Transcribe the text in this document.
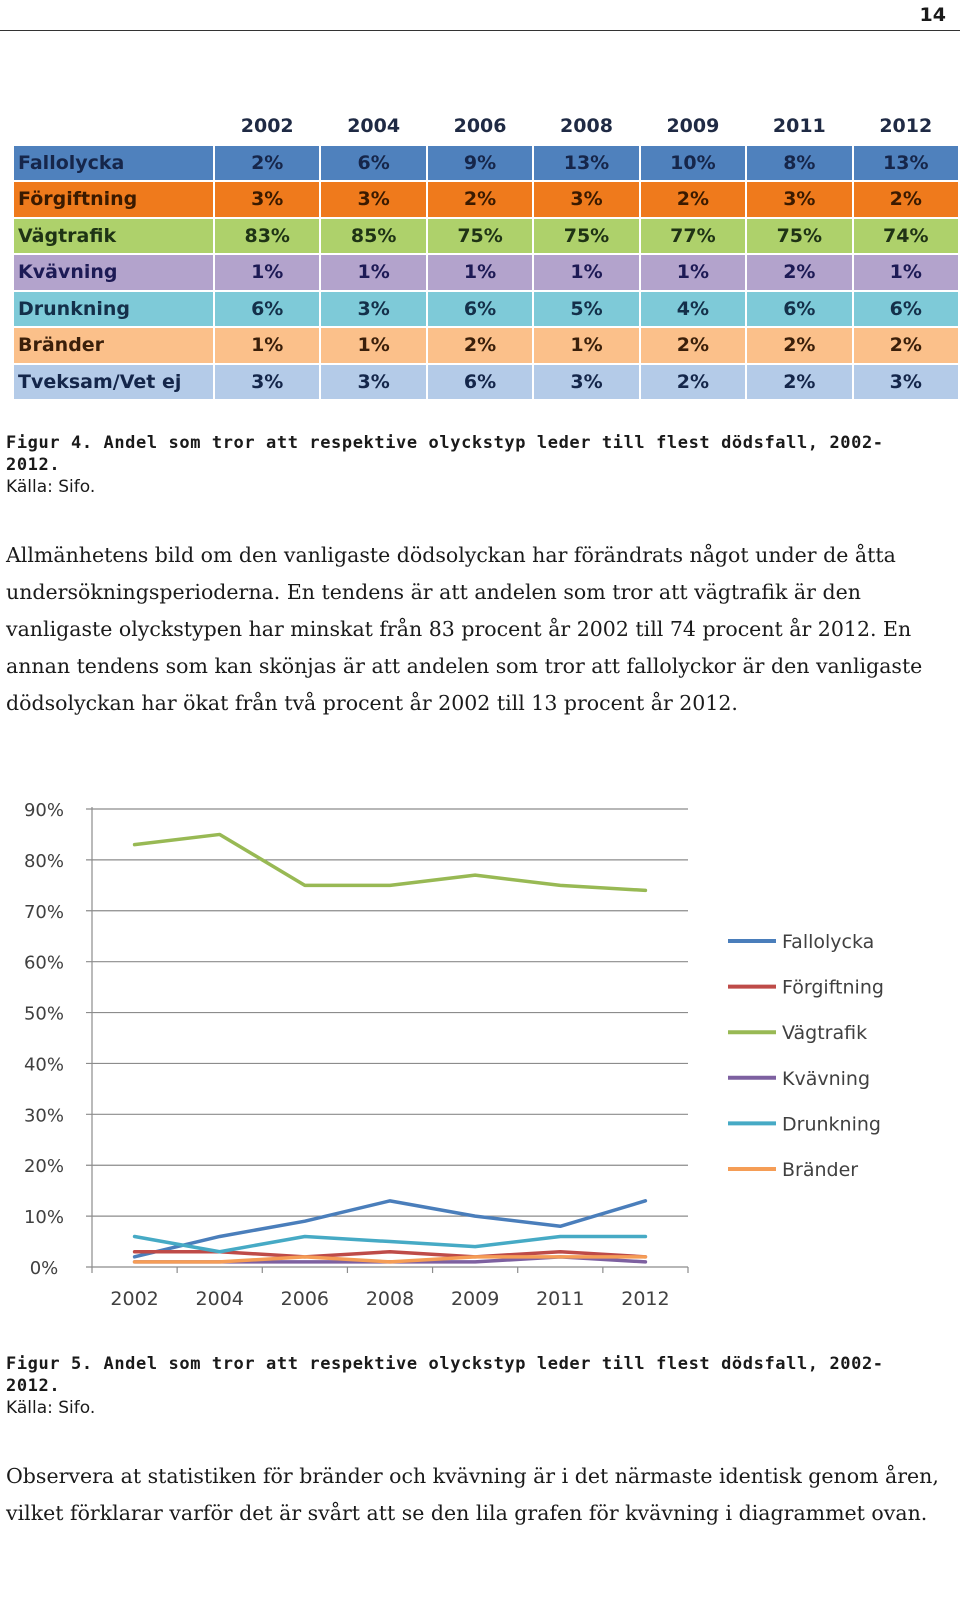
14
	2002	2004	2006	2008	2009	2011	2012
Fallolycka	2%	6%	9%	13%	10%	8%	13%
Förgiftning	3%	3%	2%	3%	2%	3%	2%
Vägtrafik	83%	85%	75%	75%	77%	75%	74%
Kvävning	1%	1%	1%	1%	1%	2%	1%
Drunkning	6%	3%	6%	5%	4%	6%	6%
Bränder	1%	1%	2%	1%	2%	2%	2%
Tveksam/Vet ej	3%	3%	6%	3%	2%	2%	3%
Figur 4. Andel som tror att respektive olyckstyp leder till flest dödsfall, 2002-
2012.
Källa: Sifo.

Allmänhetens bild om den vanligaste dödsolyckan har förändrats något under de åtta undersökningsperioderna. En tendens är att andelen som tror att vägtrafik är den vanligaste olyckstypen har minskat från 83 procent år 2002 till 74 procent år 2012. En annan tendens som kan skönjas är att andelen som tror att fallolyckor är den vanligaste dödsolyckan har ökat från två procent år 2002 till 13 procent år 2012.

0%
10%
20%
30%
40%
50%
60%
70%
80%
90%
2002 2004 2006 2008 2009 2011 2012
Fallolycka
Förgiftning
Vägtrafik
Kvävning
Drunkning
Bränder
Figur 5. Andel som tror att respektive olyckstyp leder till flest dödsfall, 2002-
2012.
Källa: Sifo.

Observera at statistiken för bränder och kvävning är i det närmaste identisk genom åren, vilket förklarar varför det är svårt att se den lila grafen för kvävning i diagrammet ovan.
